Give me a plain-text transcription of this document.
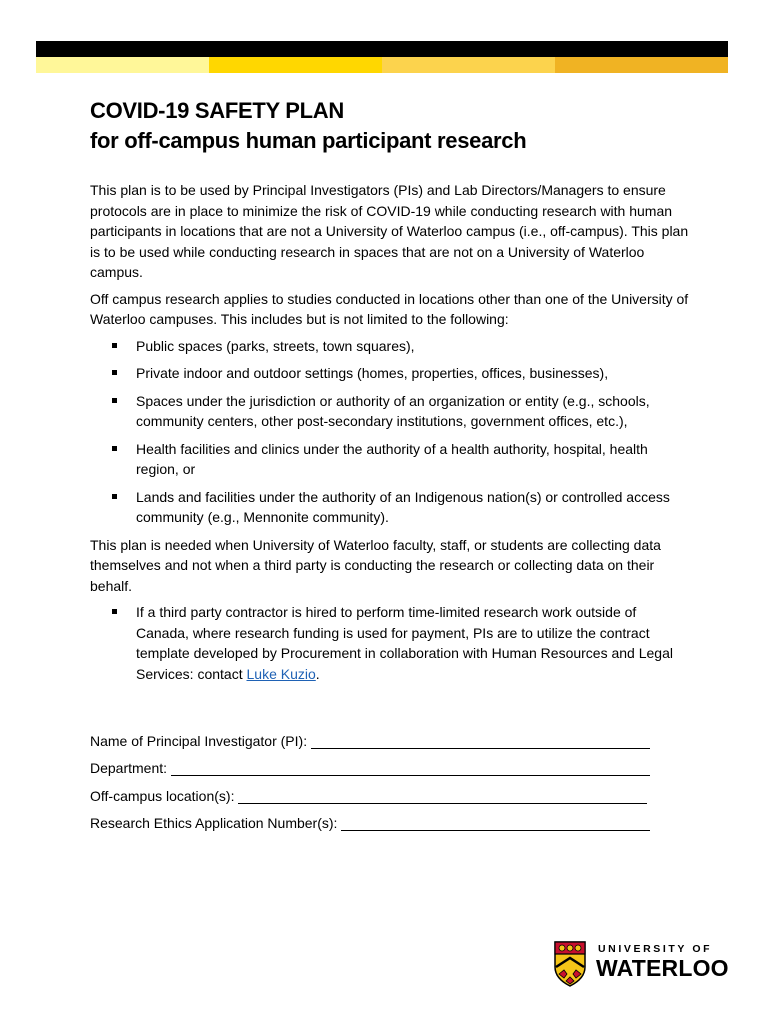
COVID-19 SAFETY PLAN
for off-campus human participant research

This plan is to be used by Principal Investigators (PIs) and Lab Directors/Managers to ensure protocols are in place to minimize the risk of COVID-19 while conducting research with human participants in locations that are not a University of Waterloo campus (i.e., off-campus). This plan is to be used while conducting research in spaces that are not on a University of Waterloo campus.

Off campus research applies to studies conducted in locations other than one of the University of Waterloo campuses. This includes but is not limited to the following:

Public spaces (parks, streets, town squares),
Private indoor and outdoor settings (homes, properties, offices, businesses),
Spaces under the jurisdiction or authority of an organization or entity (e.g., schools, community centers, other post-secondary institutions, government offices, etc.),
Health facilities and clinics under the authority of a health authority, hospital, health region, or
Lands and facilities under the authority of an Indigenous nation(s) or controlled access community (e.g., Mennonite community).

This plan is needed when University of Waterloo faculty, staff, or students are collecting data themselves and not when a third party is conducting the research or collecting data on their behalf.

If a third party contractor is hired to perform time-limited research work outside of Canada, where research funding is used for payment, PIs are to utilize the contract template developed by Procurement in collaboration with Human Resources and Legal Services: contact Luke Kuzio.
Name of Principal Investigator (PI):
Department:
Off-campus location(s):
Research Ethics Application Number(s):
UNIVERSITY OF
WATERLOO
